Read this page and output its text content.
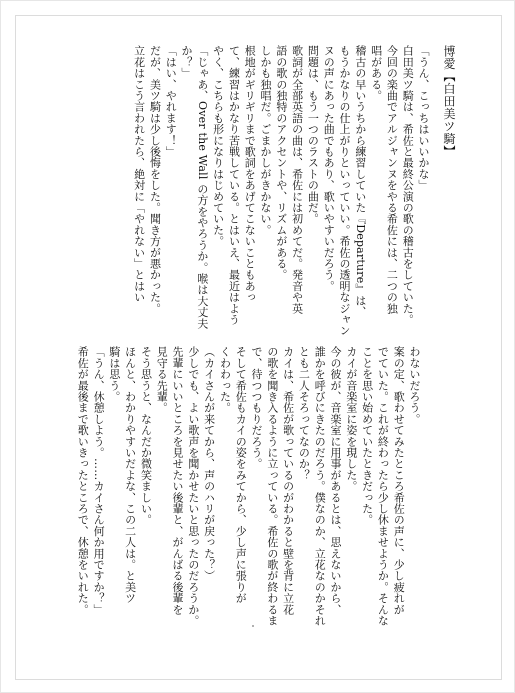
博愛【白田美ツ騎】
「うん、こっちはいいかな」
白田美ツ騎は、希佐と最終公演の歌の稽古をしていた。
今回の楽曲でアルジャンヌをやる希佐には、二つの独
唱がある。
稽古の早いうちから練習していた『Departure』は、
もうかなりの仕上がりといっていい。希佐の透明なジャン
ヌの声にあった曲でもあり、歌いやすいだろう。
問題は、もう一つのラストの曲だ。
歌詞が全部英語の曲は、希佐には初めてだ。発音や英
語の歌の独特のアクセントや、リズムがある。
しかも独唱だ。ごまかしがきかない。
根地がギリギリまで歌詞をあげてこないこともあっ
て、練習はかなり苦戦している。とはいえ、最近はよう
やく、こちらも形になりはじめていた。
「じゃあ、Over the Wall の方をやろうか。喉は大丈夫
か？」
「はい、やれます！」
だが、美ツ騎は少し後悔をした。聞き方が悪かった。
立花はこう言われたら、絶対に「やれない」とはい
わないだろう。
案の定、歌わせてみたところ希佐の声に、少し疲れが
でていた。これが終わったら少し休ませようか。そんな
ことを思い始めていたときだった。
カイが音楽室に姿を現した。
今の彼が、音楽室に用事があるとは、思えないから、
誰かを呼びにきたのだろう。僕なのか、立花なのかそれ
とも二人そろってなのか？
カイは、希佐が歌っているのがわかると壁を背に立花
の歌を聞き入るように立っている。希佐の歌が終わるま
で、待つつもりだろう。
そして希佐もカイの姿をみてから、少し声に張りが
くわわった。
（カイさんが来てから、声のハリが戻った？）
少しでも、よい歌声を聞かせたいと思ったのだろうか。
先輩にいいところを見せたい後輩と、がんばる後輩を
見守る先輩。
そう思うと、なんだか微笑ましい。
ほんと、わかりやすいだよな、この二人は。と美ツ
騎は思う。
「うん、休憩しよう。……カイさん何か用ですか？」
希佐が最後まで歌いきったところで、休憩をいれた。
